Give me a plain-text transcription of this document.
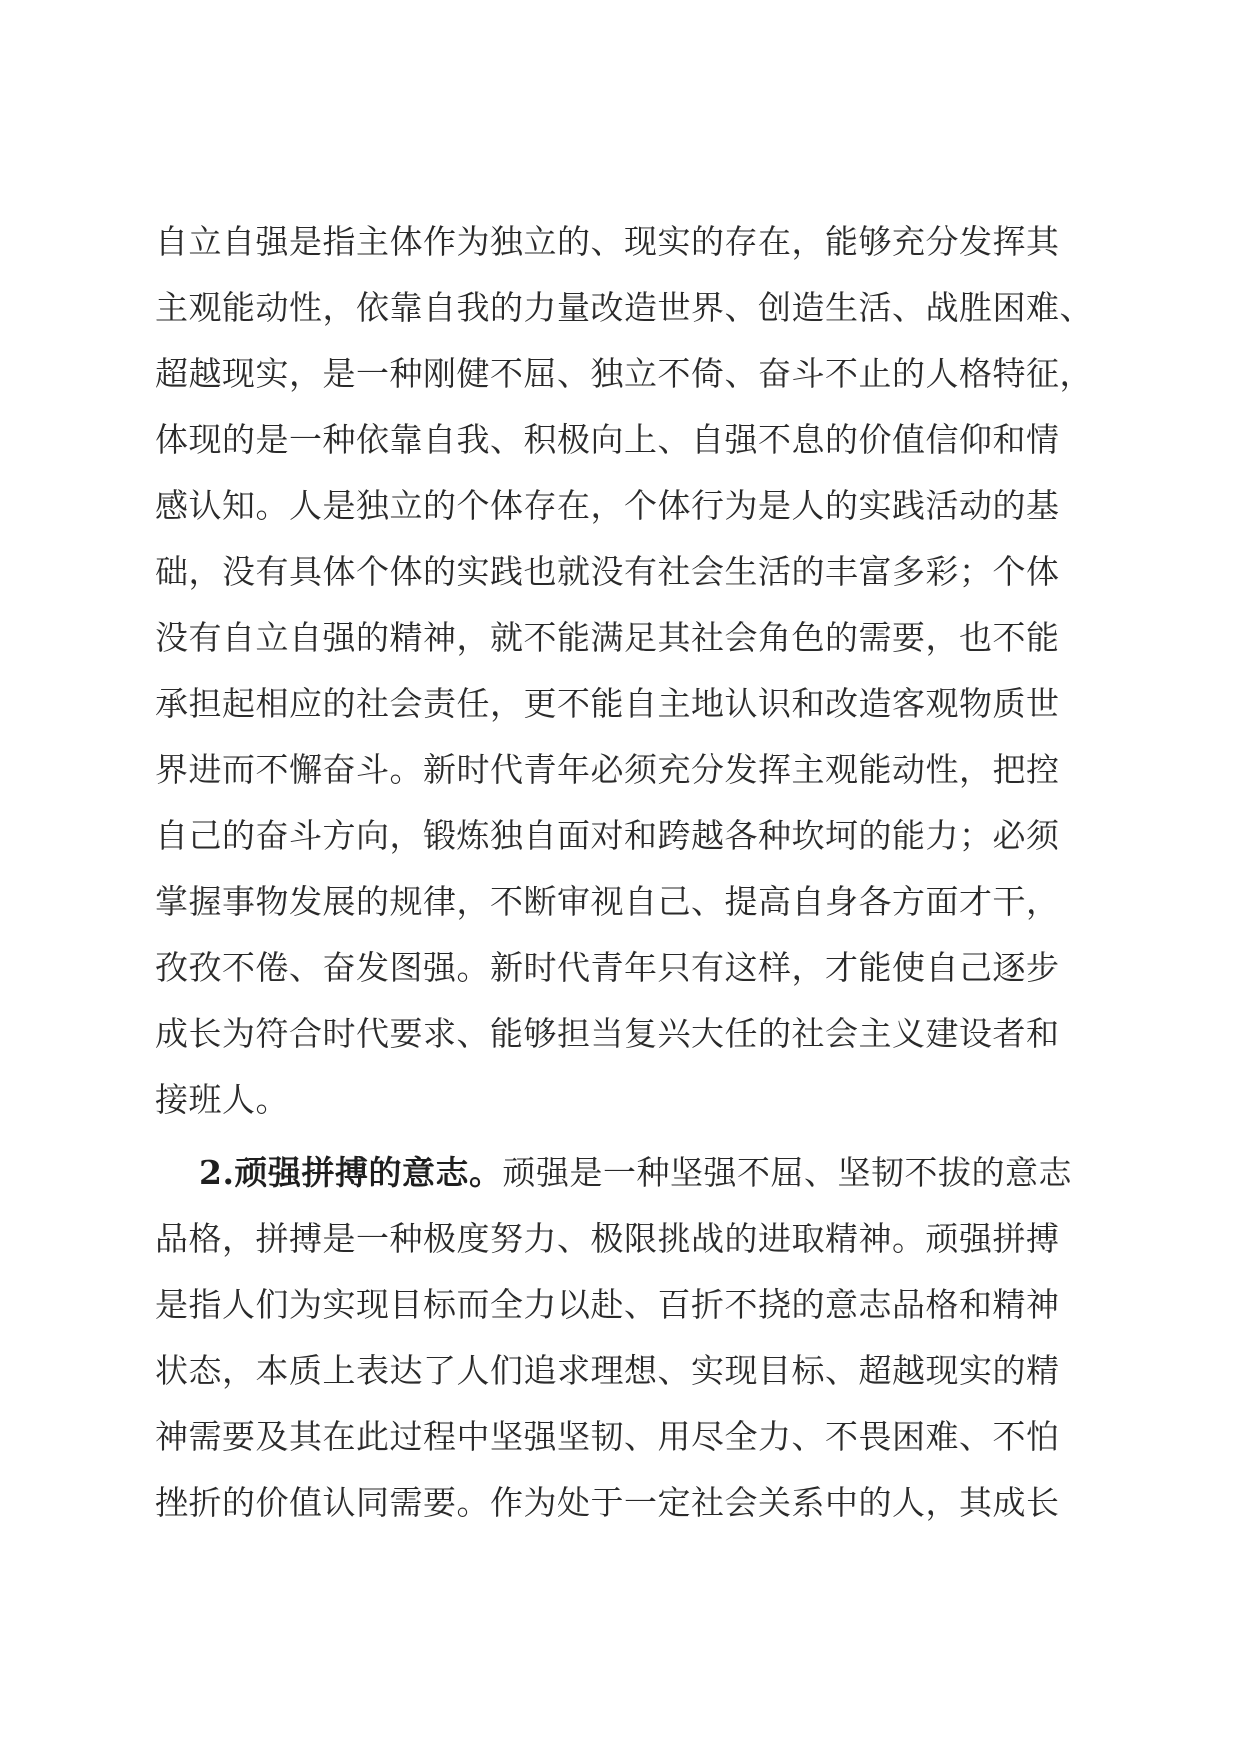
自立自强是指主体作为独立的、现实的存在，能够充分发挥其
主观能动性，依靠自我的力量改造世界、创造生活、战胜困难、
超越现实，是一种刚健不屈、独立不倚、奋斗不止的人格特征，
体现的是一种依靠自我、积极向上、自强不息的价值信仰和情
感认知。人是独立的个体存在，个体行为是人的实践活动的基
础，没有具体个体的实践也就没有社会生活的丰富多彩；个体
没有自立自强的精神，就不能满足其社会角色的需要，也不能
承担起相应的社会责任，更不能自主地认识和改造客观物质世
界进而不懈奋斗。新时代青年必须充分发挥主观能动性，把控
自己的奋斗方向，锻炼独自面对和跨越各种坎坷的能力；必须
掌握事物发展的规律，不断审视自己、提高自身各方面才干，
孜孜不倦、奋发图强。新时代青年只有这样，才能使自己逐步
成长为符合时代要求、能够担当复兴大任的社会主义建设者和
接班人。
2.顽强拼搏的意志。顽强是一种坚强不屈、坚韧不拔的意志
品格，拼搏是一种极度努力、极限挑战的进取精神。顽强拼搏
是指人们为实现目标而全力以赴、百折不挠的意志品格和精神
状态，本质上表达了人们追求理想、实现目标、超越现实的精
神需要及其在此过程中坚强坚韧、用尽全力、不畏困难、不怕
挫折的价值认同需要。作为处于一定社会关系中的人，其成长
